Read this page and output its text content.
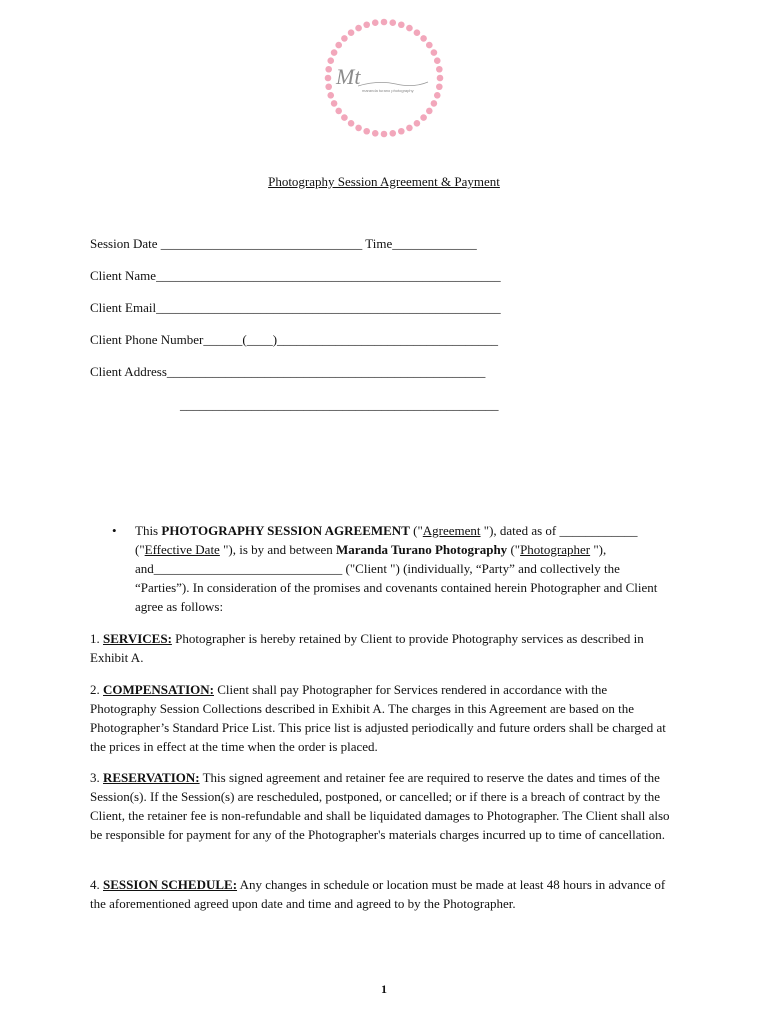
Mt
maranda turano photography
Photography Session Agreement & Payment
Session Date _______________________________ Time_____________
Client Name_____________________________________________________
Client Email_____________________________________________________
Client Phone Number______(____)__________________________________
Client Address_________________________________________________
_________________________________________________
• This PHOTOGRAPHY SESSION AGREEMENT ("Agreement "), dated as of ____________
("Effective Date "), is by and between Maranda Turano Photography ("Photographer "),
and_____________________________ ("Client ") (individually, “Party” and collectively the “Parties”). In consideration of the promises and covenants contained herein Photographer and Client agree as follows:
1. SERVICES: Photographer is hereby retained by Client to provide Photography services as described in Exhibit A.
2. COMPENSATION: Client shall pay Photographer for Services rendered in accordance with the Photography Session Collections described in Exhibit A. The charges in this Agreement are based on the Photographer’s Standard Price List. This price list is adjusted periodically and future orders shall be charged at the prices in effect at the time when the order is placed.
3. RESERVATION: This signed agreement and retainer fee are required to reserve the dates and times of the Session(s). If the Session(s) are rescheduled, postponed, or cancelled; or if there is a breach of contract by the Client, the retainer fee is non-refundable and shall be liquidated damages to Photographer. The Client shall also be responsible for payment for any of the Photographer's materials charges incurred up to time of cancellation.
4. SESSION SCHEDULE: Any changes in schedule or location must be made at least 48 hours in advance of the aforementioned agreed upon date and time and agreed to by the Photographer.
1
